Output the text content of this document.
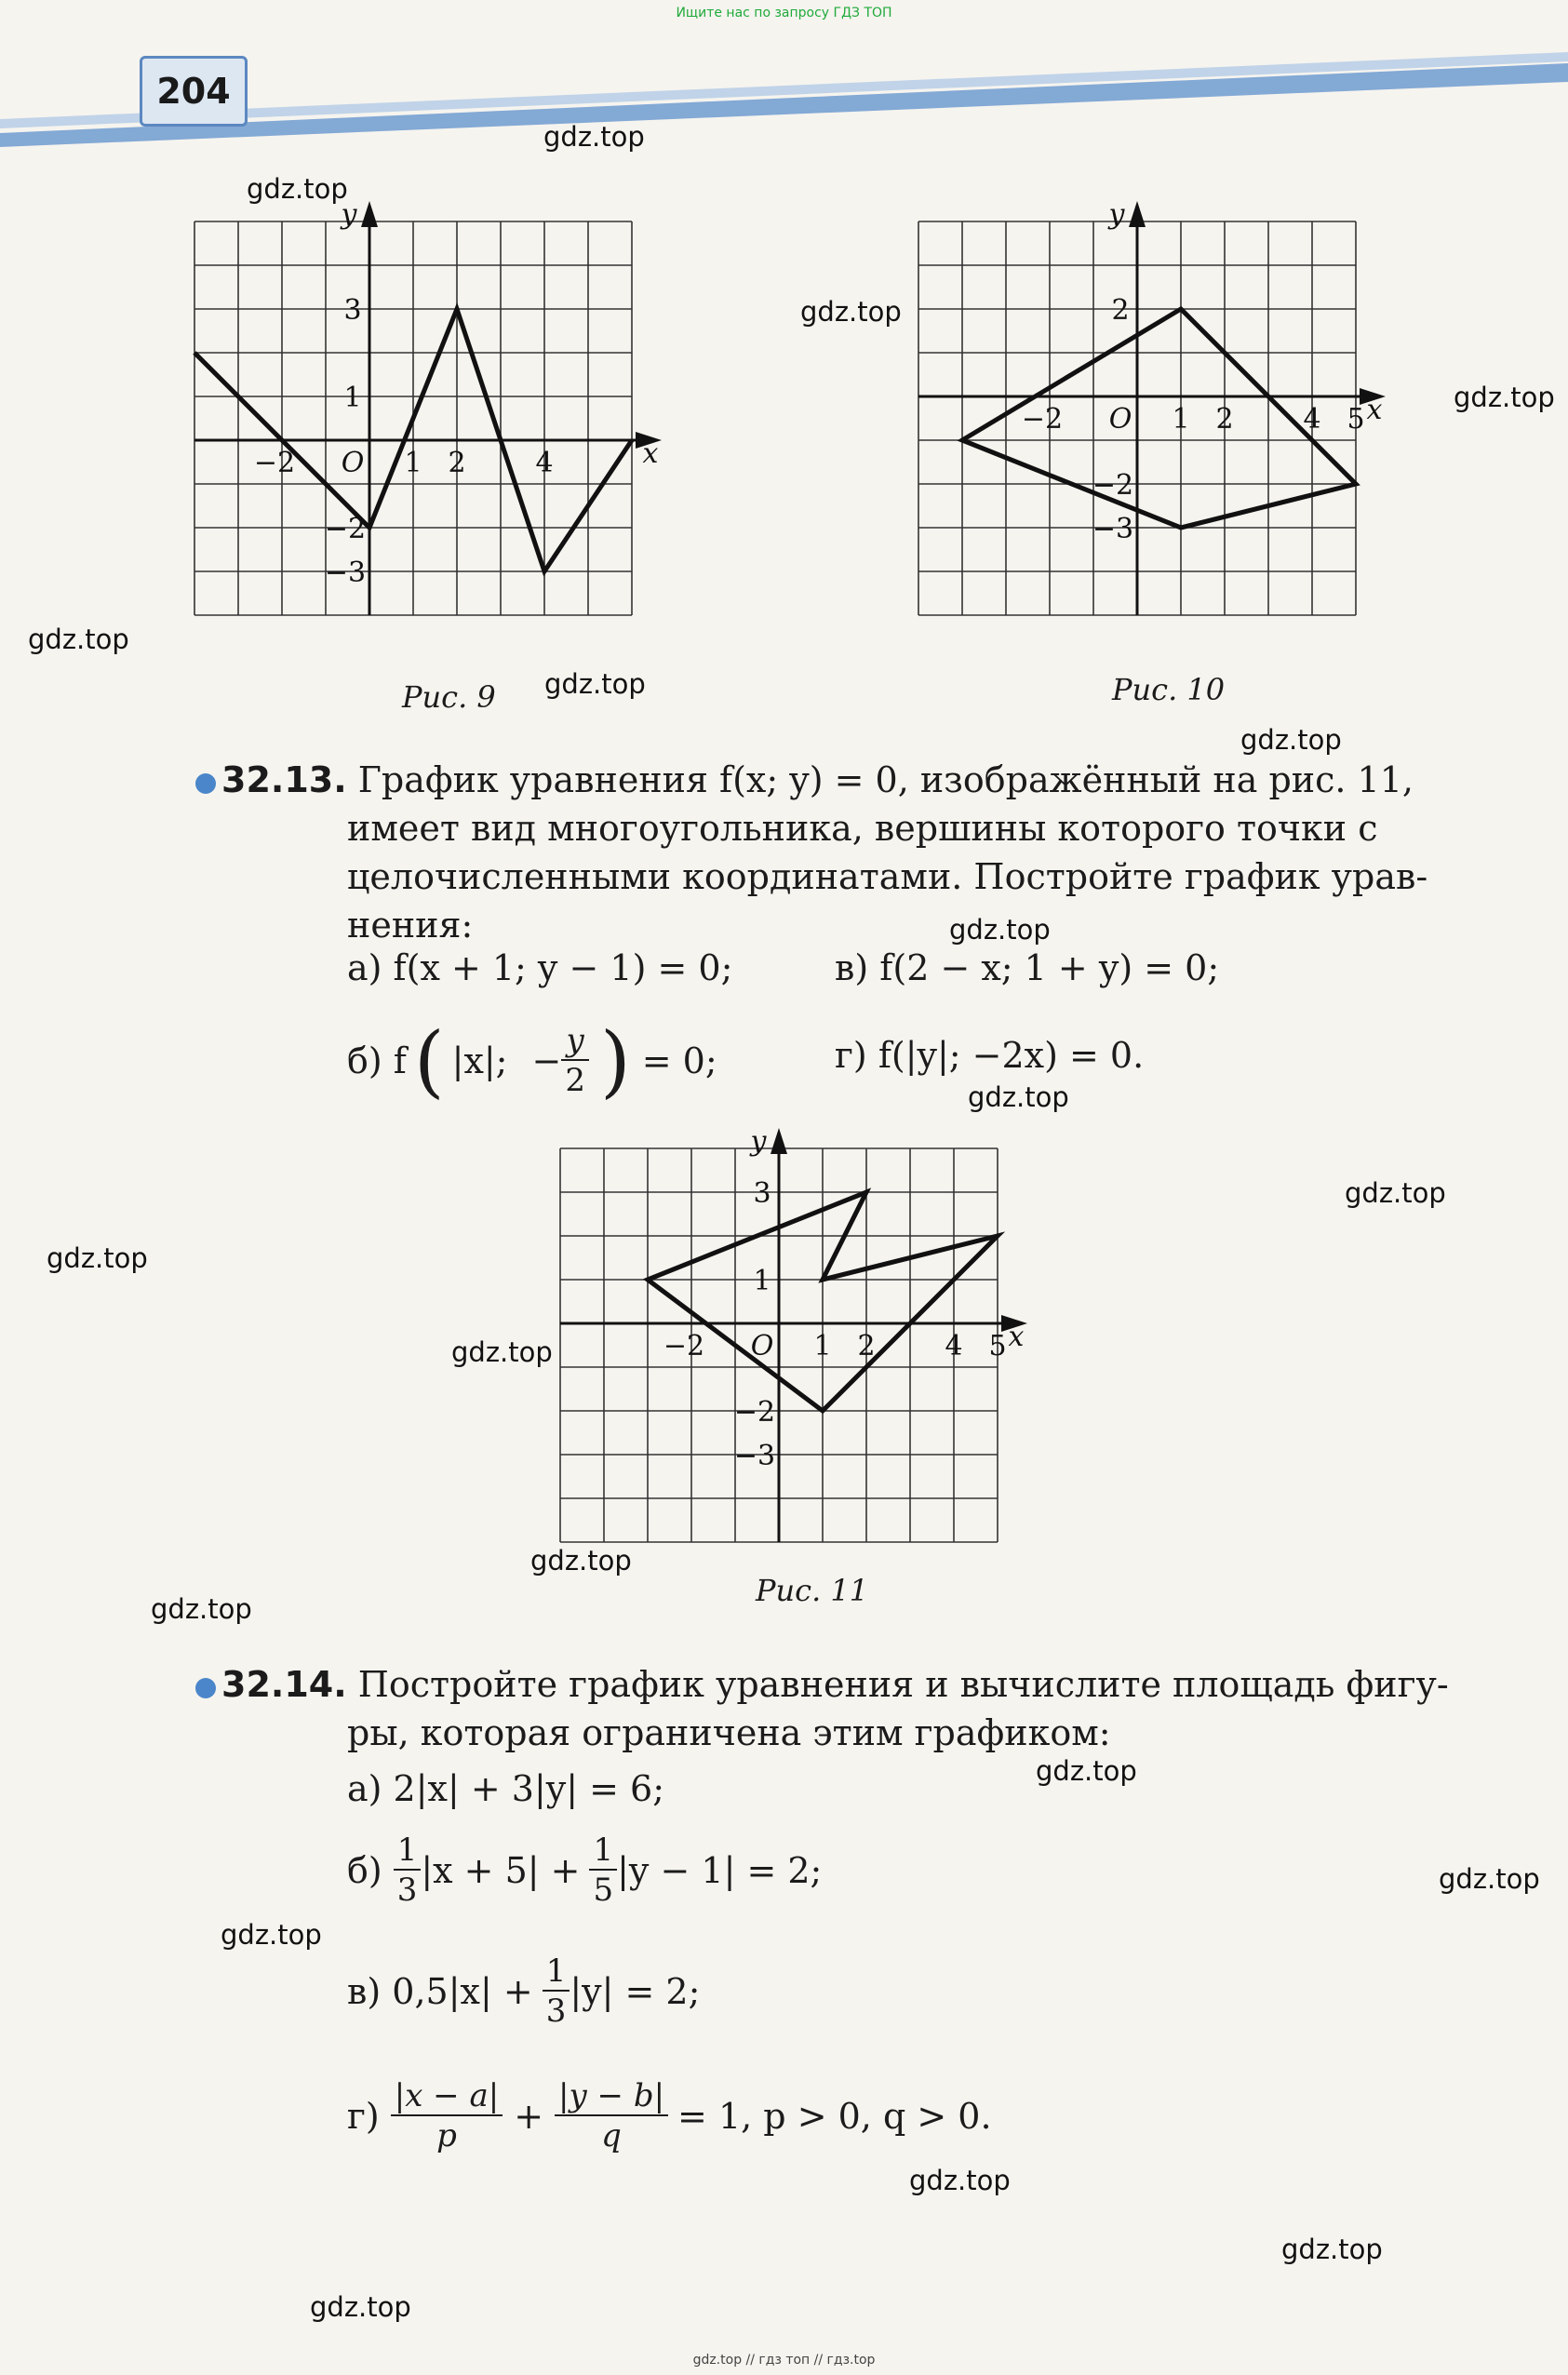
Ищите нас по запросу ГДЗ ТОП
204
x
y
O
−2	1 2 4
3
1
−2
−3
Рис. 9
x
y
O
−2	1 2 4 5
2
−2
−3
Рис. 10
32.13. График уравнения f(x; y) = 0, изображённый на рис. 11,
имеет вид многоугольника, вершины которого точки с
целочисленными координатами. Постройте график урав-
нения:
а) f(x + 1; y − 1) = 0;	в) f(2 − x; 1 + y) = 0;
б) f ( |x|; − $\frac{y}{2}$ ) = 0;	г) f(|y|; −2x) = 0.
x
y
O
−2	1 2 4 5
3
1
−2
−3
Рис. 11
32.14. Постройте график уравнения и вычислите площадь фигу-
ры, которая ограничена этим графиком:
а) 2|x| + 3|y| = 6;
$б) \frac{1}{3} |x + 5| + \frac{1}{5} |y - 1| = 2$;
в) $0,5|x| + \frac{1}{3} |y| = 2$;
$г) \frac{|x - a|}{p} + \frac{|y - b|}{q} = 1$, p > 0, q > 0.
gdz.top
gdz.top
gdz.top
gdz.top
gdz.top
gdz.top
gdz.top
gdz.top
gdz.top
gdz.top
gdz.top
gdz.top
gdz.top
gdz.top
gdz.top
gdz.top
gdz.top
gdz.top
gdz.top
gdz.top
gdz.top // гдз топ // гдз.top
